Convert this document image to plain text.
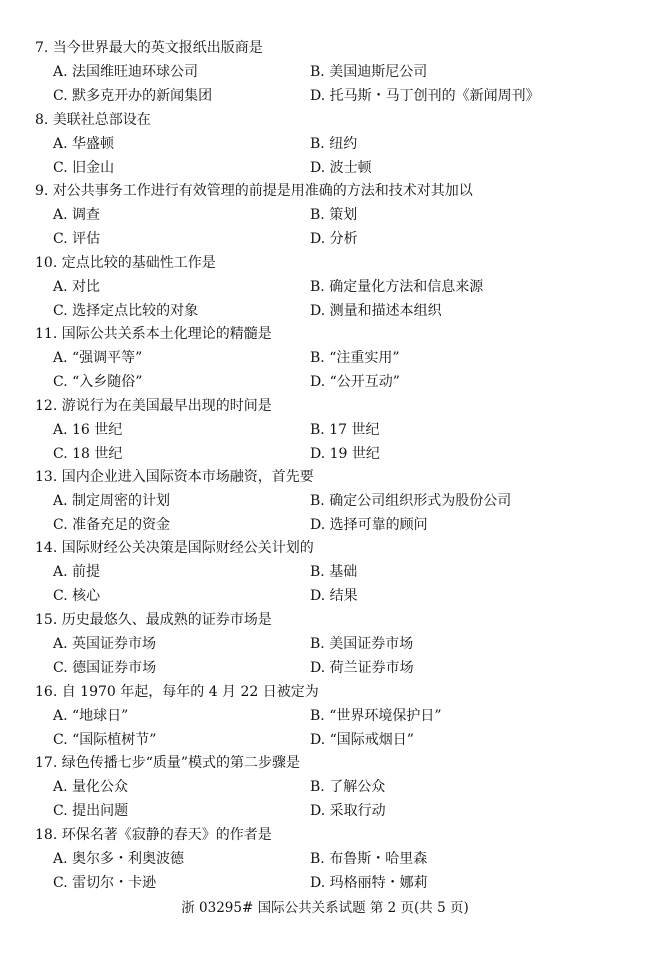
7. 当今世界最大的英文报纸出版商是
A. 法国维旺迪环球公司	B. 美国迪斯尼公司
C. 默多克开办的新闻集团	D. 托马斯・马丁创刊的《新闻周刊》
8. 美联社总部设在
A. 华盛顿	B. 纽约
C. 旧金山	D. 波士顿
9. 对公共事务工作进行有效管理的前提是用准确的方法和技术对其加以
A. 调查	B. 策划
C. 评估	D. 分析
10. 定点比较的基础性工作是
A. 对比	B. 确定量化方法和信息来源
C. 选择定点比较的对象	D. 测量和描述本组织
11. 国际公共关系本土化理论的精髓是
A. “强调平等”	B. “注重实用”
C. “入乡随俗”	D. “公开互动”
12. 游说行为在美国最早出现的时间是
A. 16 世纪	B. 17 世纪
C. 18 世纪	D. 19 世纪
13. 国内企业进入国际资本市场融资，首先要
A. 制定周密的计划	B. 确定公司组织形式为股份公司
C. 准备充足的资金	D. 选择可靠的顾问
14. 国际财经公关决策是国际财经公关计划的
A. 前提	B. 基础
C. 核心	D. 结果
15. 历史最悠久、最成熟的证券市场是
A. 英国证券市场	B. 美国证券市场
C. 德国证券市场	D. 荷兰证券市场
16. 自 1970 年起，每年的 4 月 22 日被定为
A. “地球日”	B. “世界环境保护日”
C. “国际植树节”	D. “国际戒烟日”
17. 绿色传播七步“质量”模式的第二步骤是
A. 量化公众	B. 了解公众
C. 提出问题	D. 采取行动
18. 环保名著《寂静的春天》的作者是
A. 奥尔多・利奥波德	B. 布鲁斯・哈里森
C. 雷切尔・卡逊	D. 玛格丽特・娜莉
浙 03295# 国际公共关系试题 第 2 页(共 5 页)
